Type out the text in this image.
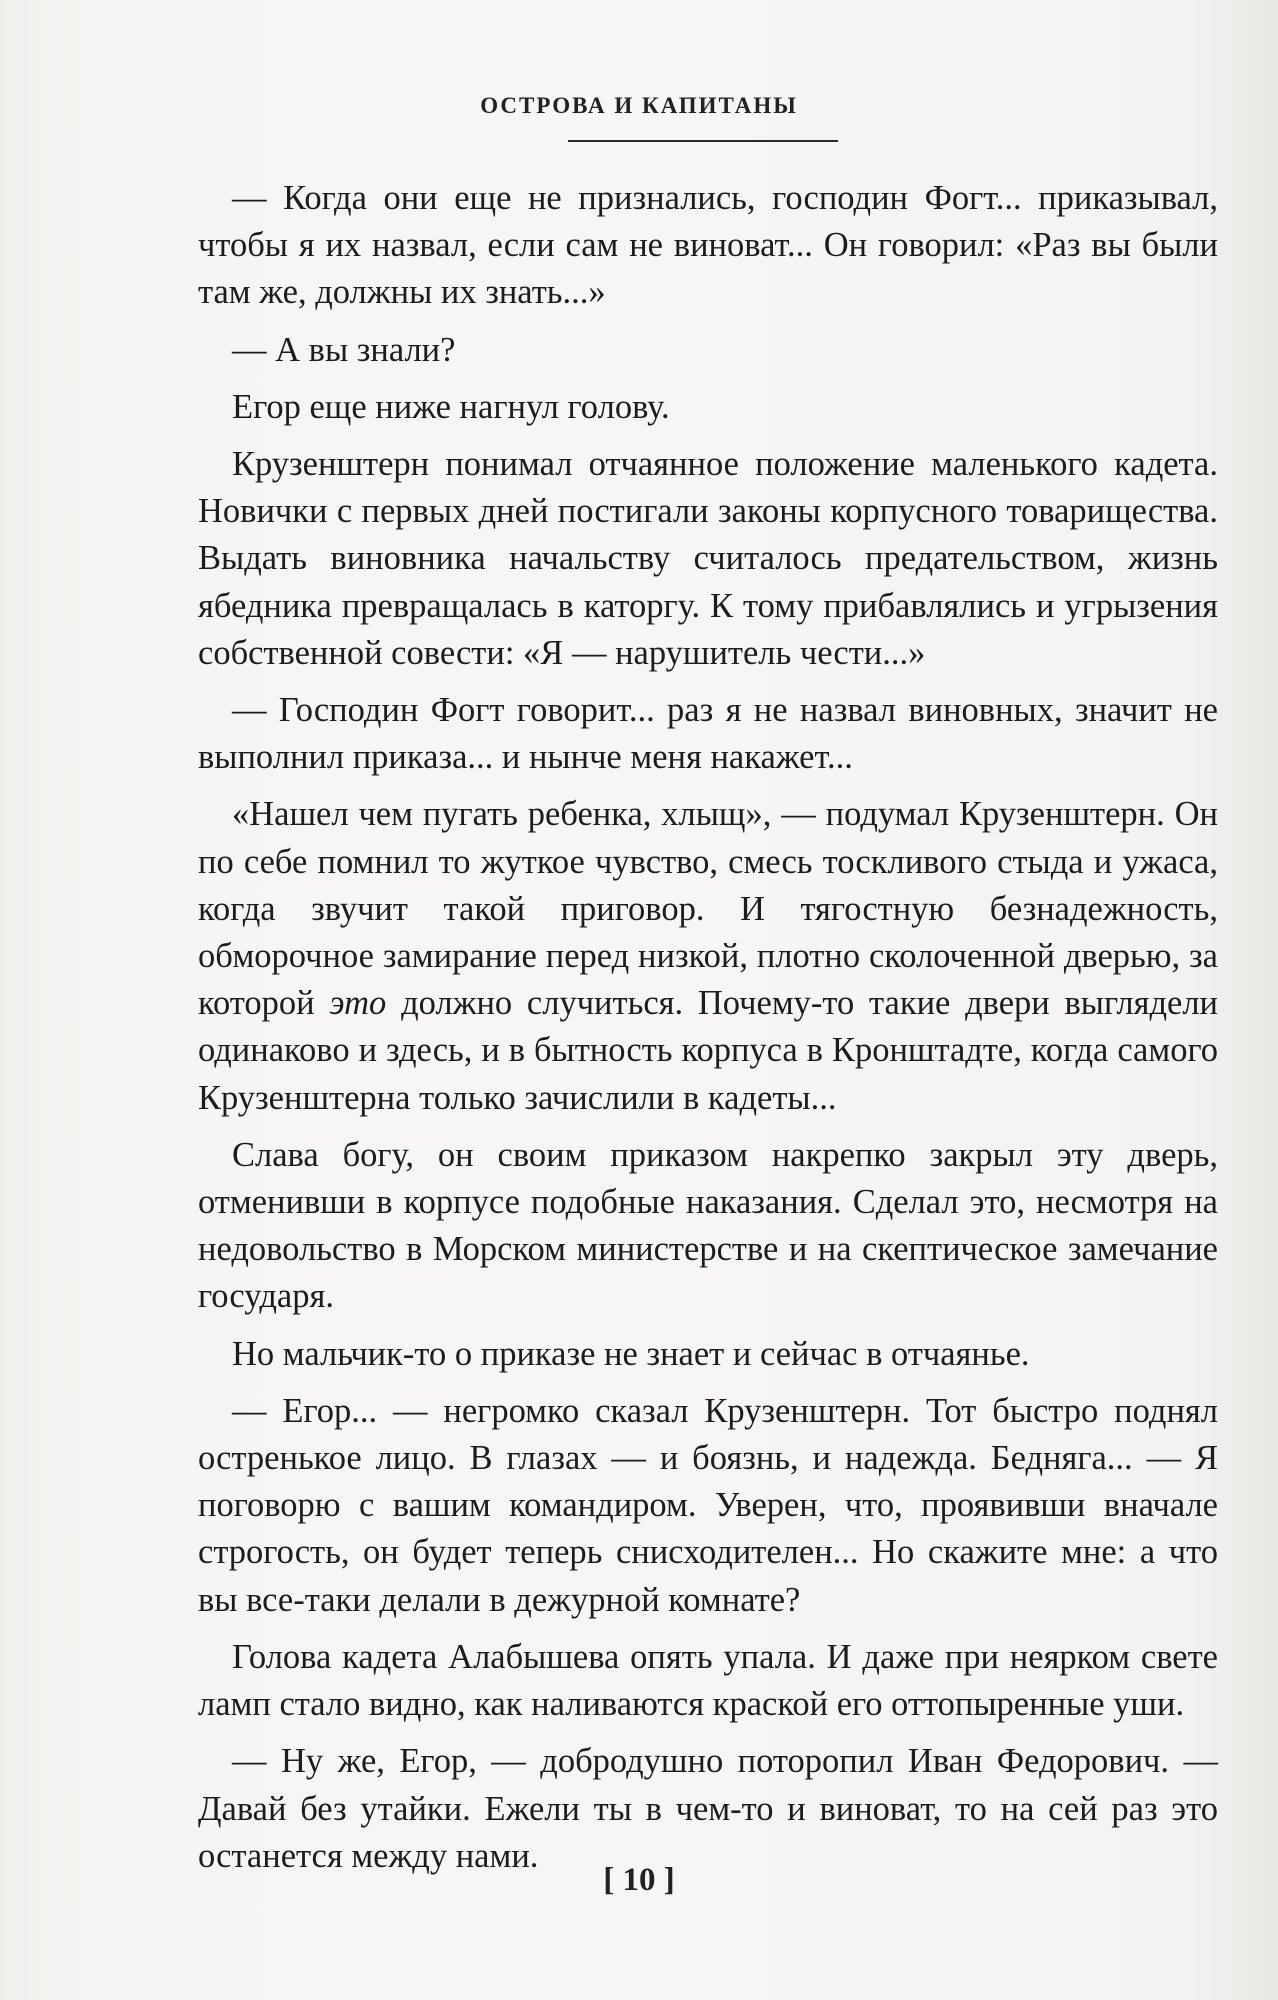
ОСТРОВА И КАПИТАНЫ

— Когда они еще не признались, господин Фогт... приказывал, чтобы я их назвал, если сам не виноват... Он говорил: «Раз вы были там же, должны их знать...»

— А вы знали?

Егор еще ниже нагнул голову.

Крузенштерн понимал отчаянное положение маленького кадета. Новички с первых дней постигали законы корпусного товарищества. Выдать виновника начальству считалось предательством, жизнь ябедника превращалась в каторгу. К тому прибавлялись и угрызения собственной совести: «Я — нарушитель чести...»

— Господин Фогт говорит... раз я не назвал виновных, значит не выполнил приказа... и нынче меня накажет...

«Нашел чем пугать ребенка, хлыщ», — подумал Крузенштерн. Он по себе помнил то жуткое чувство, смесь тоскливого стыда и ужаса, когда звучит такой приговор. И тягостную безнадежность, обморочное замирание перед низкой, плотно сколоченной дверью, за которой это должно случиться. Почему-то такие двери выглядели одинаково и здесь, и в бытность корпуса в Кронштадте, когда самого Крузенштерна только зачислили в кадеты...

Слава богу, он своим приказом накрепко закрыл эту дверь, отменивши в корпусе подобные наказания. Сделал это, несмотря на недовольство в Морском министерстве и на скептическое замечание государя.

Но мальчик-то о приказе не знает и сейчас в отчаянье.

— Егор... — негромко сказал Крузенштерн. Тот быстро поднял остренькое лицо. В глазах — и боязнь, и надежда. Бедняга... — Я поговорю с вашим командиром. Уверен, что, проявивши вначале строгость, он будет теперь снисходителен... Но скажите мне: а что вы все-таки делали в дежурной комнате?

Голова кадета Алабышева опять упала. И даже при неярком свете ламп стало видно, как наливаются краской его оттопыренные уши.

— Ну же, Егор, — добродушно поторопил Иван Федорович. — Давай без утайки. Ежели ты в чем-то и виноват, то на сей раз это останется между нами.

[ 10 ]
